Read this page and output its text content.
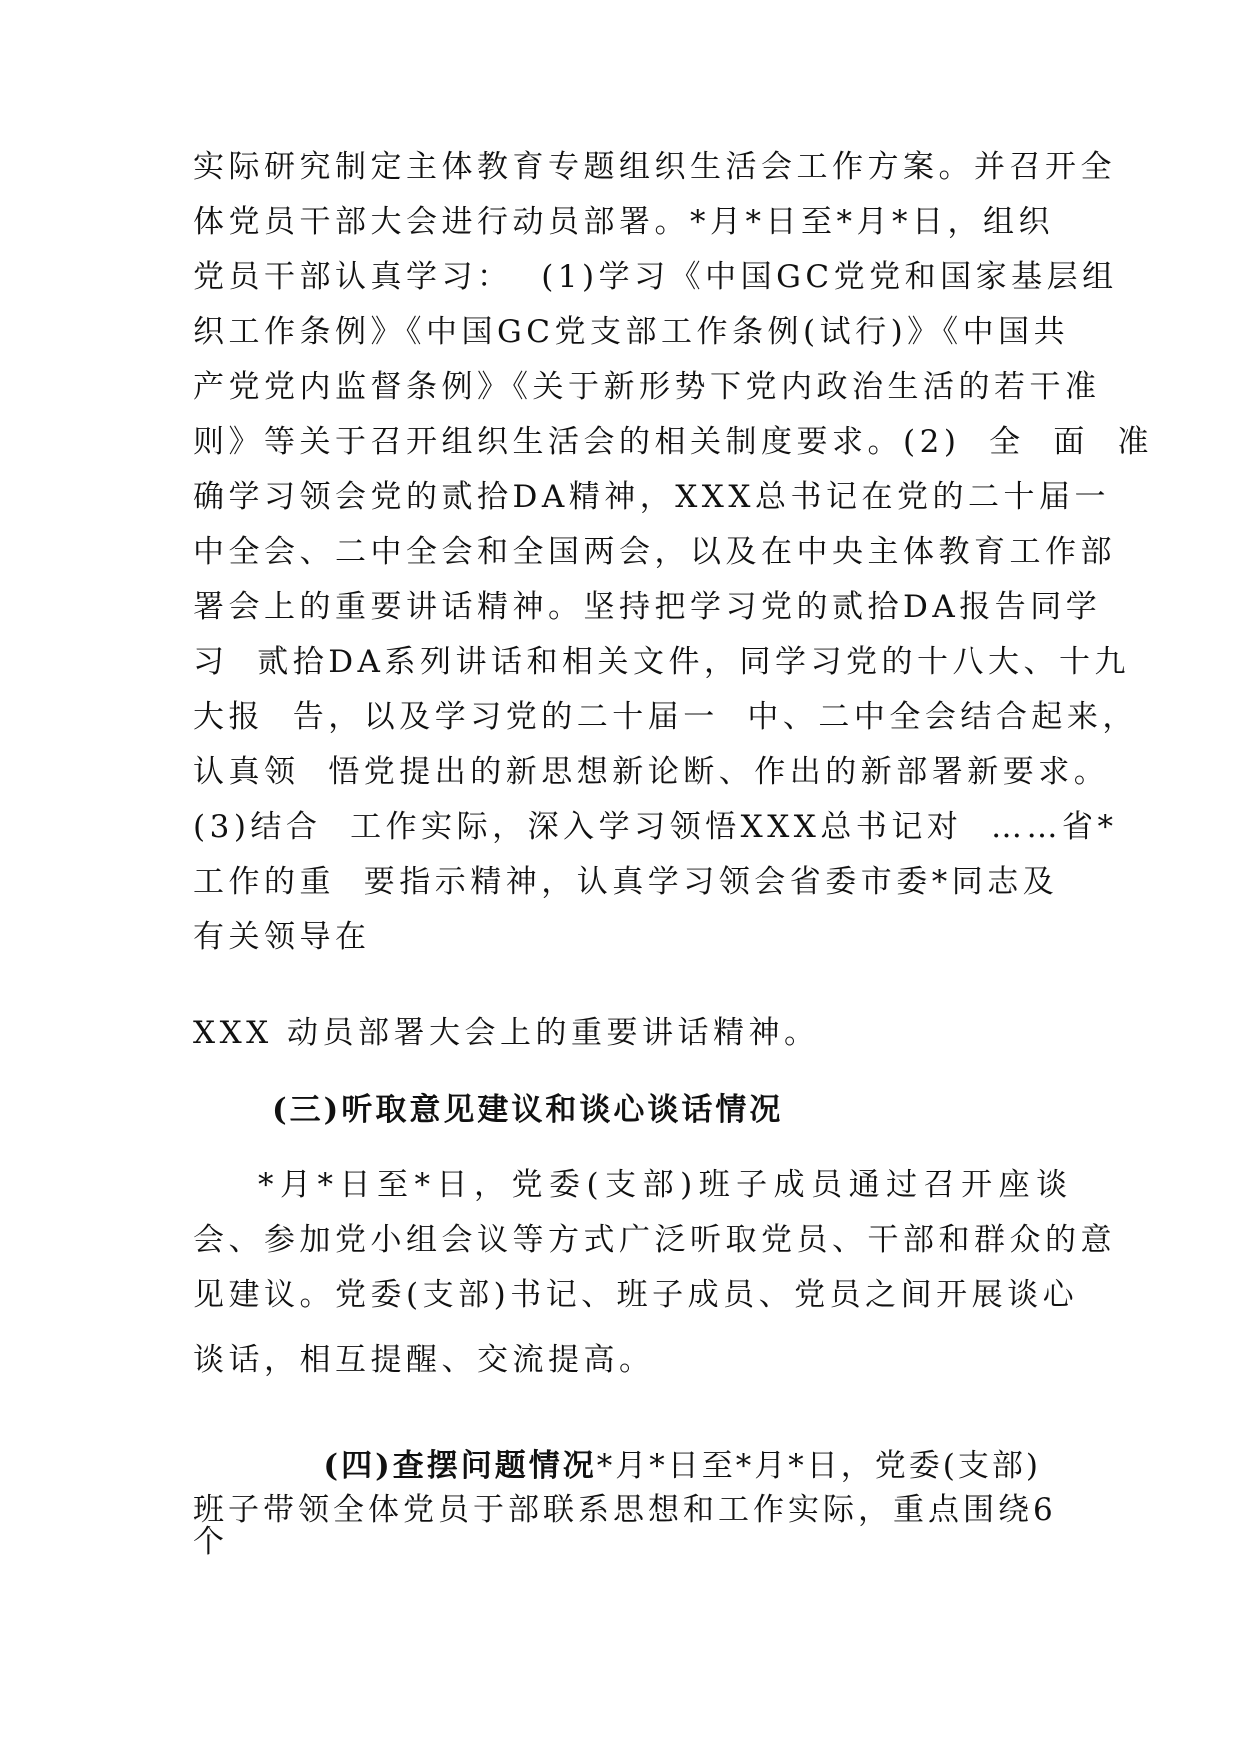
实际研究制定主体教育专题组织生活会工作方案。并召开全
体党员干部大会进行动员部署。*月*日至*月*日，组织
党员干部认真学习：  (1)学习《中国GC党党和国家基层组
织工作条例》《中国GC党支部工作条例(试行)》《中国共
产党党内监督条例》《关于新形势下党内政治生活的若干准
则》等关于召开组织生活会的相关制度要求。(2)  全  面  准
确学习领会党的贰拾DA精神，XXX总书记在党的二十届一
中全会、二中全会和全国两会，以及在中央主体教育工作部
署会上的重要讲话精神。坚持把学习党的贰拾DA报告同学
习  贰拾DA系列讲话和相关文件，同学习党的十八大、十九
大报  告，以及学习党的二十届一  中、二中全会结合起来，
认真领  悟党提出的新思想新论断、作出的新部署新要求。
(3)结合  工作实际，深入学习领悟XXX总书记对  ……省*
工作的重  要指示精神，认真学习领会省委市委*同志及
有关领导在
XXX 动员部署大会上的重要讲话精神。
(三)听取意见建议和谈心谈话情况
*月*日至*日，党委(支部)班子成员通过召开座谈
会、参加党小组会议等方式广泛听取党员、干部和群众的意
见建议。党委(支部)书记、班子成员、党员之间开展谈心
谈话，相互提醒、交流提高。

(四)查摆问题情况*月*日至*月*日，党委(支部)

班子带领全体党员于部联系思想和工作实际，重点围绕6
个
